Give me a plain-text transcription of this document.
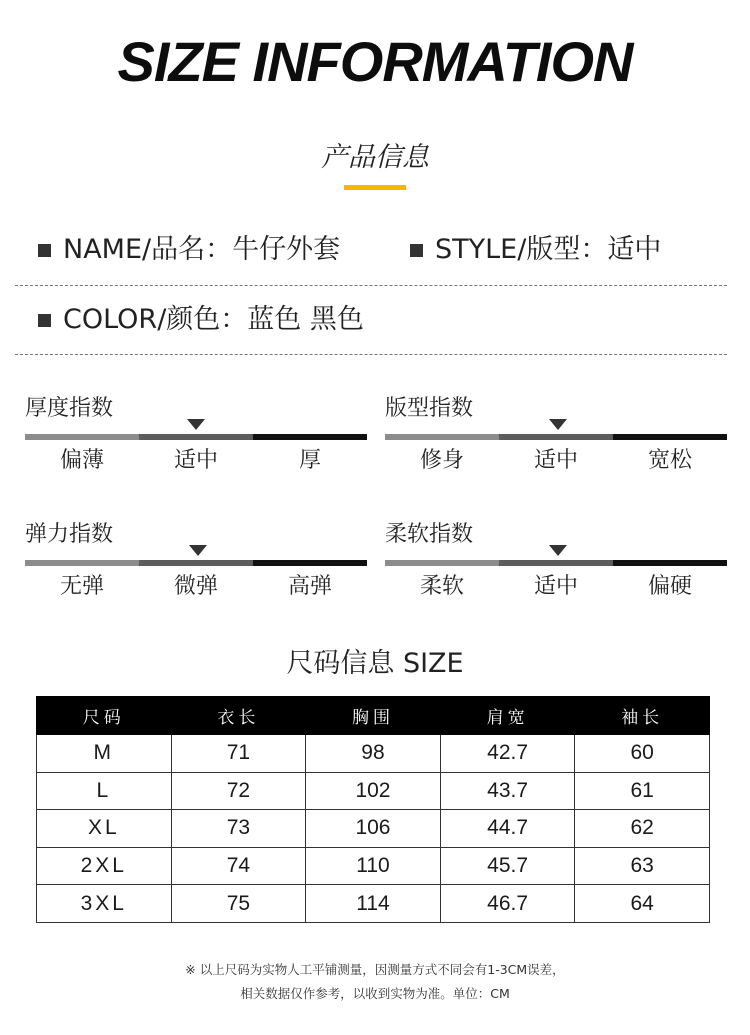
SIZE INFORMATION
产品信息
NAME/品名：牛仔外套	STYLE/版型：适中
COLOR/颜色：蓝色 黑色
厚度指数
偏薄	适中	厚
版型指数
修身	适中	宽松
弹力指数
无弹	微弹	高弹
柔软指数
柔软	适中	偏硬
尺码信息 SIZE
尺码	衣长	胸围	肩宽	袖长
M	71	98	42.7	60
L	72	102	43.7	61
XL	73	106	44.7	62
2XL	74	110	45.7	63
3XL	75	114	46.7	64
※ 以上尺码为实物人工平铺测量，因测量方式不同会有1-3CM误差，
相关数据仅作参考，以收到实物为准。单位：CM
